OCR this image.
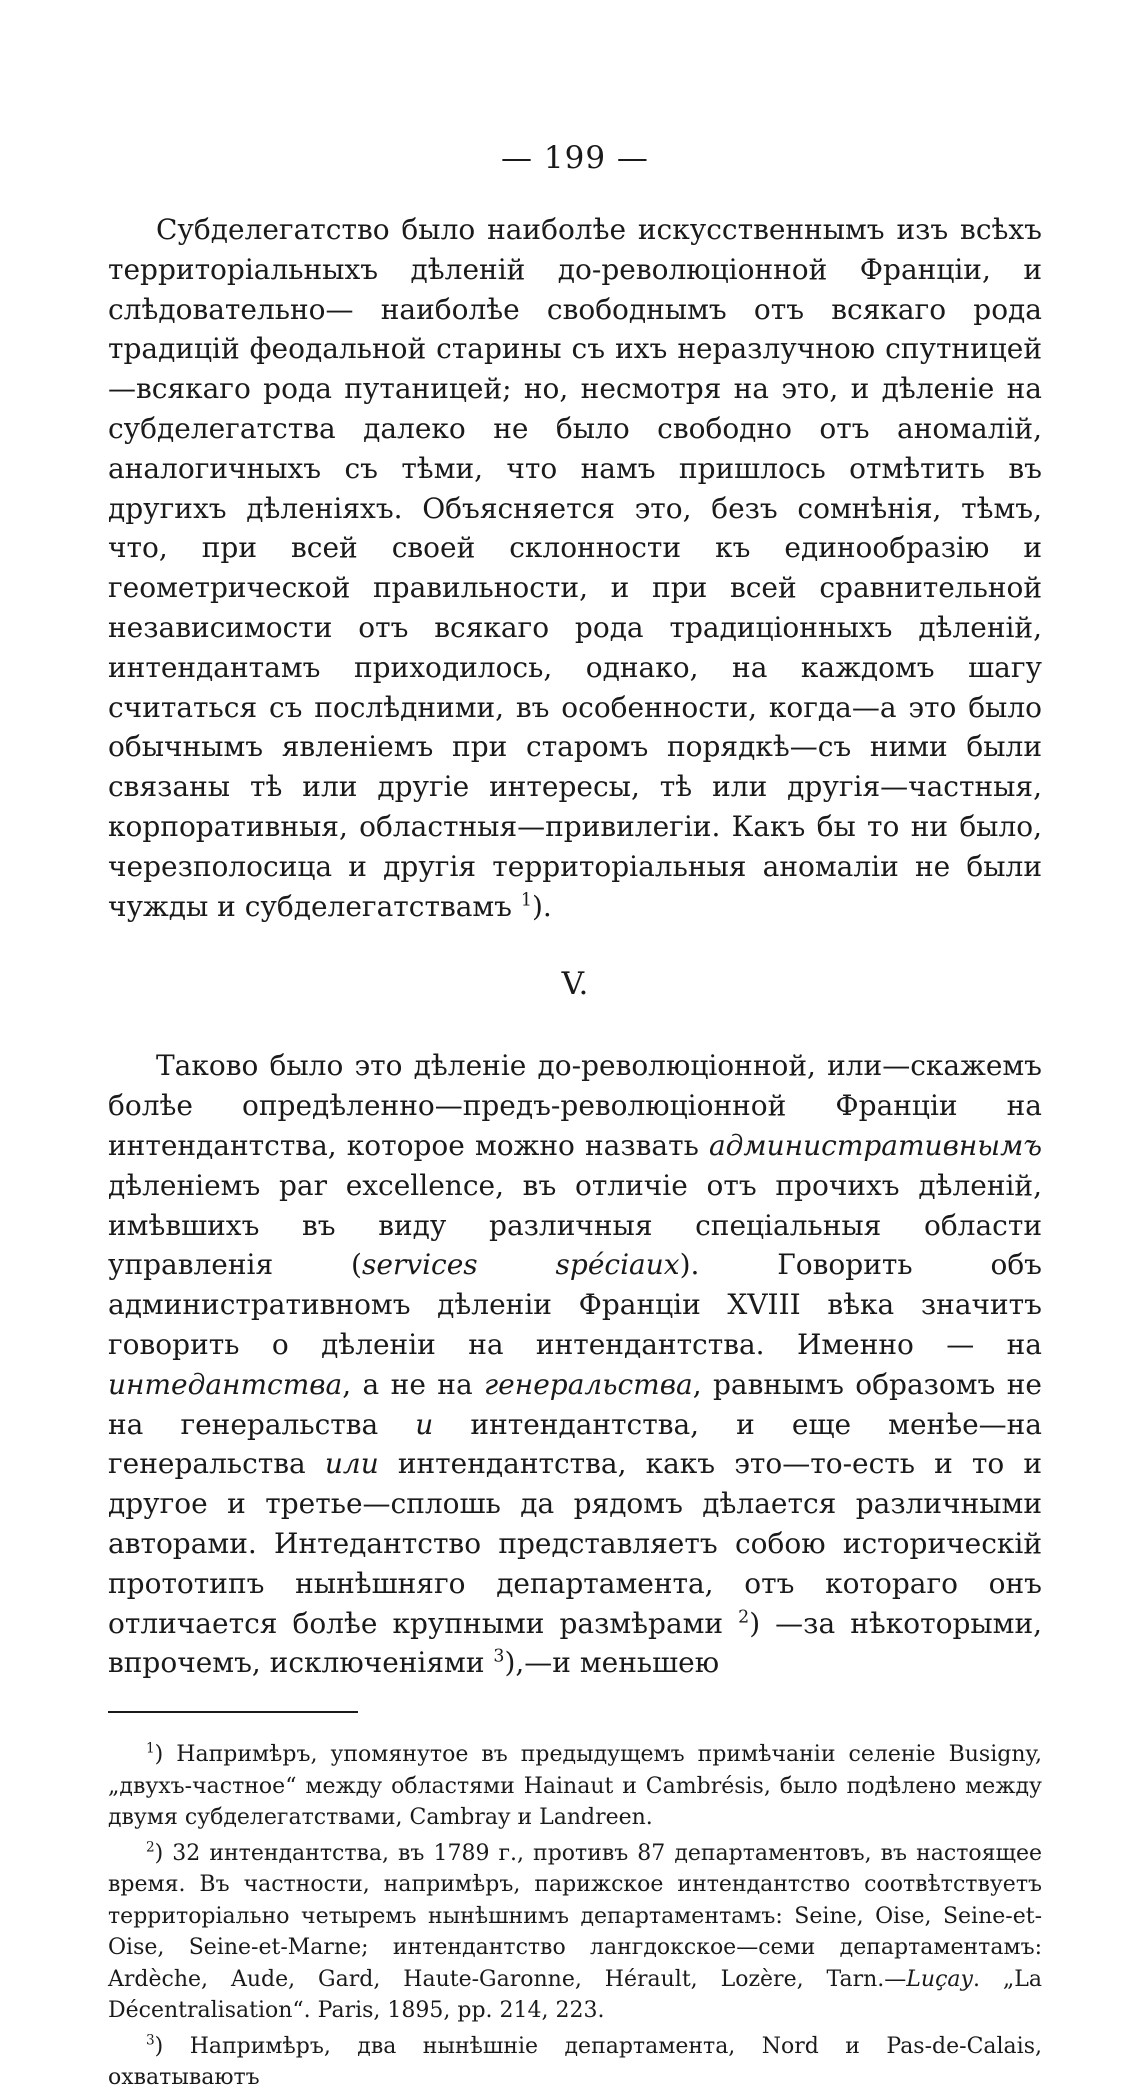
— 199 —

Субделегатство было наиболѣе искусственнымъ изъ всѣхъ территоріальныхъ дѣленій до-революціонной Франціи, и слѣдовательно— наиболѣе свободнымъ отъ всякаго рода традицій феодальной старины съ ихъ неразлучною спутницей—всякаго рода путаницей; но, несмотря на это, и дѣленіе на субделегатства далеко не было свободно отъ аномалій, аналогичныхъ съ тѣми, что намъ пришлось отмѣтить въ другихъ дѣленіяхъ. Объясняется это, безъ сомнѣнія, тѣмъ, что, при всей своей склонности къ единообразію и геометрической правильности, и при всей сравнительной независимости отъ всякаго рода традиціонныхъ дѣленій, интендантамъ приходилось, однако, на каждомъ шагу считаться съ послѣдними, въ особенности, когда—а это было обычнымъ явленіемъ при старомъ порядкѣ—съ ними были связаны тѣ или другіе интересы, тѣ или другія—частныя, корпоративныя, областныя—привилегіи. Какъ бы то ни было, черезполосица и другія территоріальныя аномаліи не были чужды и субделегатствамъ $^1$).

V.

Таково было это дѣленіе до-революціонной, или—скажемъ болѣе опредѣленно—предъ-революціонной Франціи на интендантства, которое можно назвать административнымъ дѣленіемъ par excellence, въ отличіе отъ прочихъ дѣленій, имѣвшихъ въ виду различныя спеціальныя области управленія (services spéciaux). Говорить объ административномъ дѣленіи Франціи XVIII вѣка значитъ говорить о дѣленіи на интендантства. Именно — на интедантства, а не на генеральства, равнымъ образомъ не на генеральства и интендантства, и еще менѣе—на генеральства или интендантства, какъ это—то-есть и то и другое и третье—сплошь да рядомъ дѣлается различными авторами. Интедантство представляетъ собою историческій прототипъ нынѣшняго департамента, отъ котораго онъ отличается болѣе крупными размѣрами $^2$) —за нѣкоторыми, впрочемъ, исключеніями $^3$),—и меньшею

$^1$) Напримѣръ, упомянутое въ предыдущемъ примѣчаніи селеніе Busigny, „двухъ-частное“ между областями Hainaut и Cambrésis, было подѣлено между двумя субделегатствами, Cambray и Landreen.

$^2$) 32 интендантства, въ 1789 г., противъ 87 департаментовъ, въ настоящее время. Въ частности, напримѣръ, парижское интендантство соотвѣтствуетъ территоріально четыремъ нынѣшнимъ департаментамъ: Seine, Oise, Seine-et-Oise, Seine-et-Marne; интендантство лангдокское—семи департаментамъ: Ardèche, Aude, Gard, Haute-Garonne, Hérault, Lozère, Tarn.—Luçay. „La Décentralisation“. Paris, 1895, pp. 214, 223.

$^3$) Напримѣръ, два нынѣшніе департамента, Nord и Pas-de-Calais, охватываютъ
